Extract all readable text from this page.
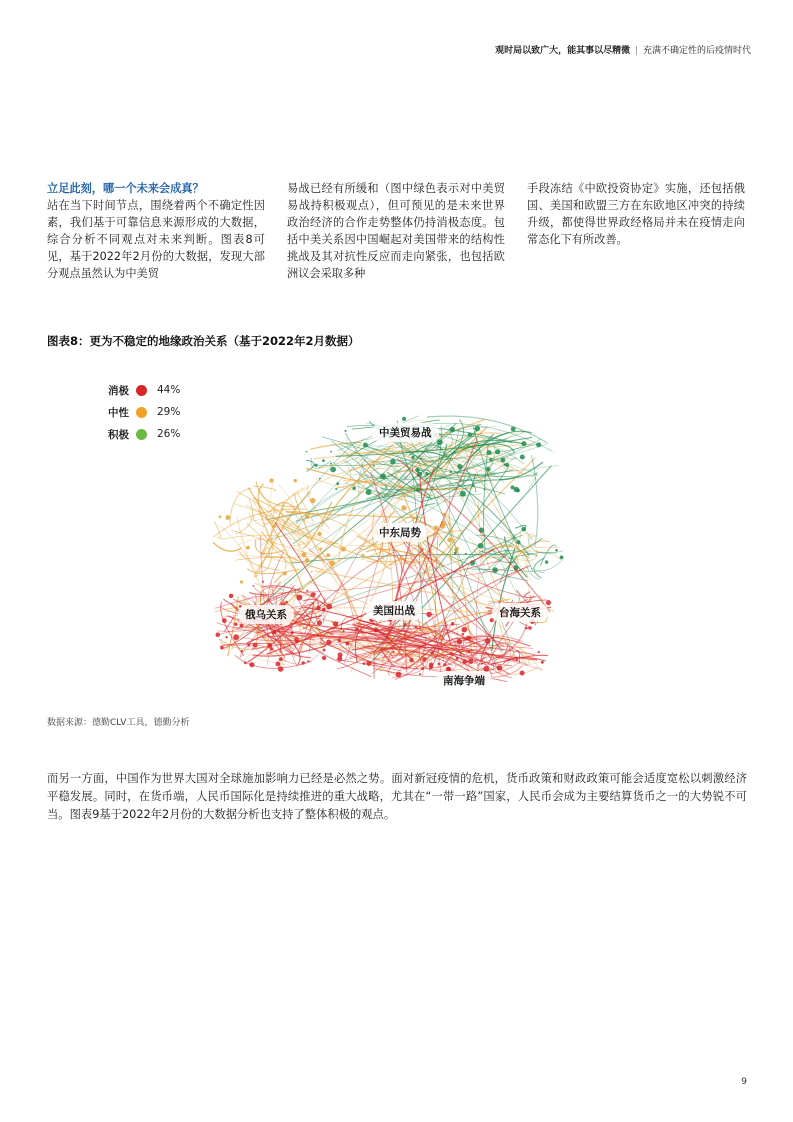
观时局以致广大，能其事以尽精微 | 充满不确定性的后疫情时代
立足此刻，哪一个未来会成真？
站在当下时间节点，围绕着两个不确定性因素，我们基于可靠信息来源形成的大数据，综合分析不同观点对未来判断。图表8可见，基于2022年2月份的大数据，发现大部分观点虽然认为中美贸
易战已经有所缓和（图中绿色表示对中美贸易战持积极观点），但可预见的是未来世界政治经济的合作走势整体仍持消极态度。包括中美关系因中国崛起对美国带来的结构性挑战及其对抗性反应而走向紧张，也包括欧洲议会采取多种
手段冻结《中欧投资协定》实施，还包括俄国、美国和欧盟三方在东欧地区冲突的持续升级，都使得世界政经格局并未在疫情走向常态化下有所改善。
图表8：更为不稳定的地缘政治关系（基于2022年2月数据）
消极	44%
中性	29%
积极	26%	中美贸易战
中东局势
俄乌关系	美国出战	台海关系
南海争端
数据来源：德勤CLV工具，德勤分析
而另一方面，中国作为世界大国对全球施加影响力已经是必然之势。面对新冠疫情的危机，货币政策和财政政策可能会适度宽松以刺激经济平稳发展。同时，在货币端，人民币国际化是持续推进的重大战略，尤其在“一带一路”国家，人民币会成为主要结算货币之一的大势锐不可当。图表9基于2022年2月份的大数据分析也支持了整体积极的观点。
9
